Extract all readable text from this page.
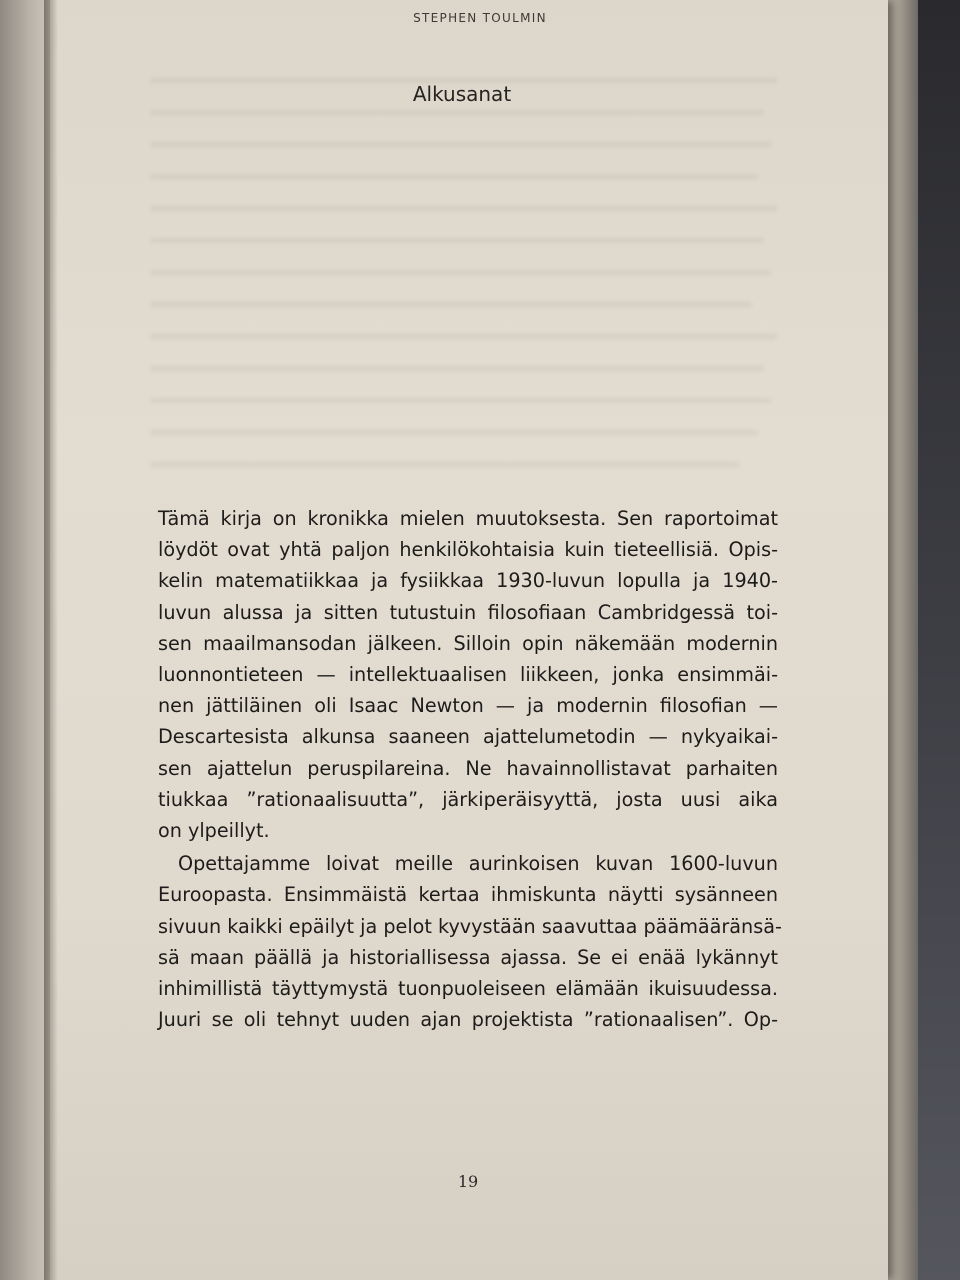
STEPHEN TOULMIN
Alkusanat
Tämä kirja on kronikka mielen muutoksesta. Sen raportoimat
löydöt ovat yhtä paljon henkilökohtaisia kuin tieteellisiä. Opis-
kelin matematiikkaa ja fysiikkaa 1930-luvun lopulla ja 1940-
luvun alussa ja sitten tutustuin filosofiaan Cambridgessä toi-
sen maailmansodan jälkeen. Silloin opin näkemään modernin
luonnontieteen — intellektuaalisen liikkeen, jonka ensimmäi-
nen jättiläinen oli Isaac Newton — ja modernin filosofian —
Descartesista alkunsa saaneen ajattelumetodin — nykyaikai-
sen ajattelun peruspilareina. Ne havainnollistavat parhaiten
tiukkaa ”rationaalisuutta”, järkiperäisyyttä, josta uusi aika
on ylpeillyt.
Opettajamme loivat meille aurinkoisen kuvan 1600-luvun
Euroopasta. Ensimmäistä kertaa ihmiskunta näytti sysänneen
sivuun kaikki epäilyt ja pelot kyvystään saavuttaa päämääränsä-
sä maan päällä ja historiallisessa ajassa. Se ei enää lykännyt
inhimillistä täyttymystä tuonpuoleiseen elämään ikuisuudessa.
Juuri se oli tehnyt uuden ajan projektista ”rationaalisen”. Op-
19
